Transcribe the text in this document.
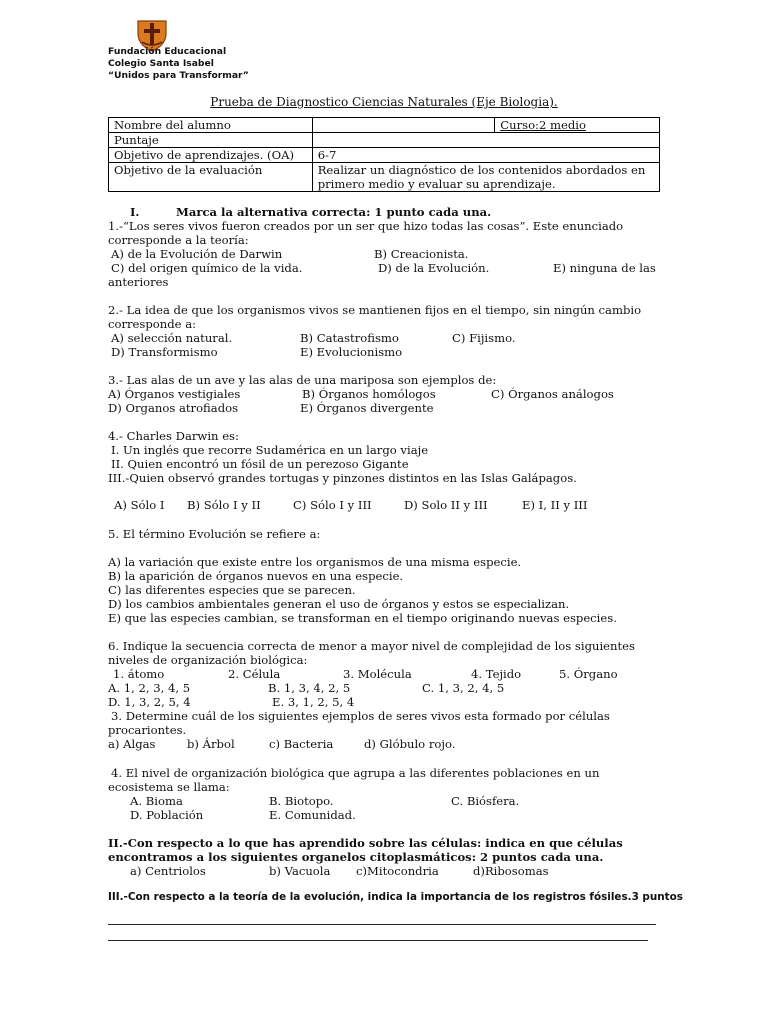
Fundación Educacional
Colegio Santa Isabel
“Unidos para Transformar”
Prueba de Diagnostico Ciencias Naturales (Eje Biologia).
Nombre del alumno		Curso:2 medio
Puntaje		
Objetivo de aprendizajes. (OA)	6-7	
Objetivo de la evaluación	Realizar un diagnóstico de los contenidos abordados en
primero medio y evaluar su aprendizaje.	
I.	Marca la alternativa correcta: 1 punto cada una.
1.-“Los seres vivos fueron creados por un ser que hizo todas las cosas”. Este enunciado
corresponde a la teoría:
A) de la Evolución de Darwin	B) Creacionista.
C) del origen químico de la vida.	D) de la Evolución.	E) ninguna de las
anteriores
2.- La idea de que los organismos vivos se mantienen fijos en el tiempo, sin ningún cambio
corresponde a:
A) selección natural.	B) Catastrofismo	C) Fijismo.
D) Transformismo	E) Evolucionismo
3.- Las alas de un ave y las alas de una mariposa son ejemplos de:
A) Órganos vestigiales	B) Órganos homólogos	C) Órganos análogos
D) Organos atrofiados	E) Órganos divergente
4.- Charles Darwin es:
I. Un inglés que recorre Sudamérica en un largo viaje
II. Quien encontró un fósil de un perezoso Gigante
III.-Quien observó grandes tortugas y pinzones distintos en las Islas Galápagos.
A) Sólo I B) Sólo I y II	C) Sólo I y III	D) Solo II y III	E) I, II y III
5. El término Evolución se refiere a:
A) la variación que existe entre los organismos de una misma especie.
B) la aparición de órganos nuevos en una especie.
C) las diferentes especies que se parecen.
D) los cambios ambientales generan el uso de órganos y estos se especializan.
E) que las especies cambian, se transforman en el tiempo originando nuevas especies.
6. Indique la secuencia correcta de menor a mayor nivel de complejidad de los siguientes
niveles de organización biológica:
1. átomo	2. Célula	3. Molécula	4. Tejido	5. Órgano
A. 1, 2, 3, 4, 5	B. 1, 3, 4, 2, 5	C. 1, 3, 2, 4, 5
D. 1, 3, 2, 5, 4	E. 3, 1, 2, 5, 4
3. Determine cuál de los siguientes ejemplos de seres vivos esta formado por células
procariontes.
a) Algas	b) Árbol	c) Bacteria	d) Glóbulo rojo.
4. El nivel de organización biológica que agrupa a las diferentes poblaciones en un
ecosistema se llama:
A. Bioma	B. Biotopo.	C. Biósfera.
D. Población	E. Comunidad.
II.-Con respecto a lo que has aprendido sobre las células: indica en que células
encontramos a los siguientes organelos citoplasmáticos: 2 puntos cada una.
a) Centriolos	b) Vacuola c)Mitocondria	d)Ribosomas
III.-Con respecto a la teoría de la evolución, indica la importancia de los registros fósiles.3 puntos
